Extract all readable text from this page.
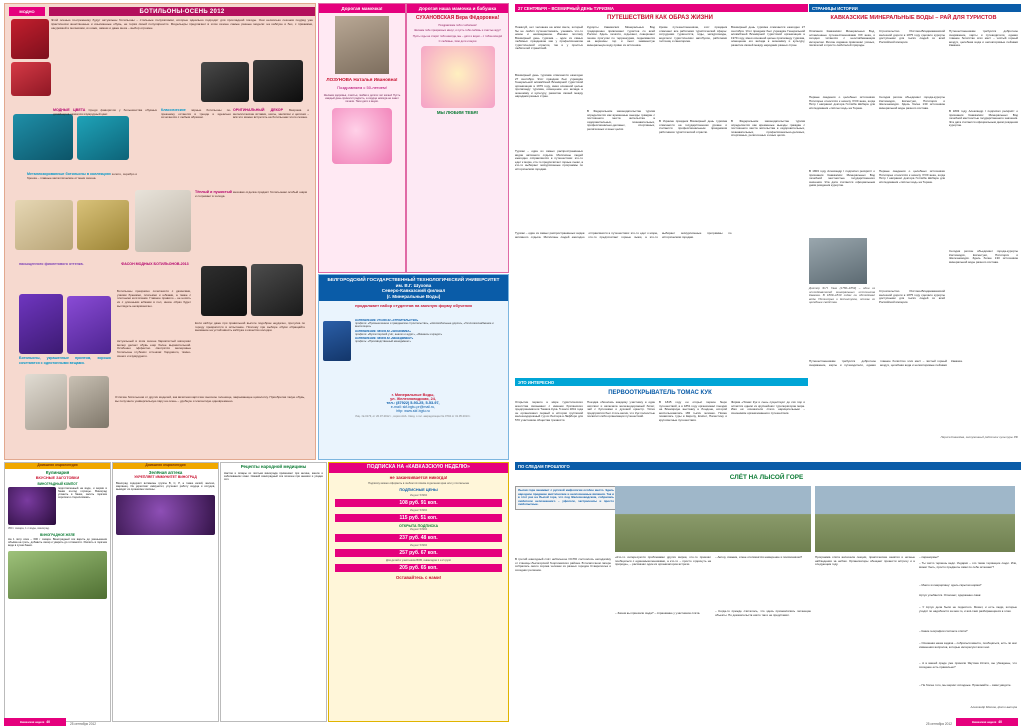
МОДНО	БОТИЛЬОНЫ-ОСЕНЬ 2012
Этой осенью по-прежнему будут актуальны ботильоны – стильные полусапожки, которые идеально подходят для прохладной погоды. Они несколько сезонов подряд уже практически женственные и изысканные обувь, не теряя своей популярности. Модельеры предлагают в этом сезоне самые разные модели: на каблуке и без, с пряжками, шнуровкой и молниями, из кожи, замши и даже меха – выбор огромен.
МОДНЫЕ ЦВЕТА Среди фаворитов у большинства обувных дизайнеров оказался изумрудный цвет.
Классические чёрные ботильоны по-прежнему остаются в тренде и идеально сочетаются с любым образом.
ОРИГИНАЛЬНЫЙ ДЕКОР Бахрома и металлические вставки, шипы, заклёпки и цепочки – всё это можно встретить на ботильонах этого сезона.
Металлизированные ботильоны в коллекциях золото, серебро и бронза – главные металлические оттенки сезона.
Тёплый и пушистый меховая отделка придаёт ботильонам особый шарм и согревает в холода.
ФАСОН МОДНЫХ БОТИЛЬОНОВ-2013
насыщенного фиолетового оттенка.
Ботильоны, украшенные принтом, хорошо сочетаются с однотонными вещами.
Ботильоны прекрасно сочетаются с джинсами, узкими брюками, платьями и юбками, а также с плотными колготками. Главное правило – не носить их с длинными юбками в пол, иначе образ будет выглядеть негармонично.
Актуальный в этом сезоне бархатистый материал велюр делает обувь ещё более выразительной. Особенно эффектно смотрятся велюровые ботильоны глубоких оттенков: бордового, тёмно-синего и изумрудного.
Если каблук даже при правильной высоте подобран неудачно, прогулка по городу превратится в испытание. Поэтому при выборе обуви обращайте внимание на устойчивость каблука и качество колодки.
Отличие ботильонов от других моделей, как визитная карточка: высокое голенище, закрывающее щиколотку. Приобретая такую обувь, вы получаете универсальную пару на осень – удобную и элегантную одновременно.
Дорогая мамочка!
ЛОЗУНОВА Наталья Ивановна!
Поздравляем с 50-летием!
Желаем здоровья, счастья, любви и долгих лет жизни! Пусть каждый день приносит радость, а сердце никогда не знает печали. Твои дети и внуки.
Дорогая наша мамочка и бабушка
СУХАНОВСКАЯ Вера Фёдоровна!
Поздравляем тебя с юбилеем!
Желаем тебе прекрасных минут, и пусть тебя любовь и счастье ждут!
Пусть годы не старят тебя никогда, мы – дети и внуки – с тобою всегда!
С любовью, твои дети и внуки
МЫ ЛЮБИМ ТЕБЯ!
БЕЛГОРОДСКИЙ ГОСУДАРСТВЕННЫЙ ТЕХНОЛОГИЧЕСКИЙ УНИВЕРСИТЕТ
им. В.Г. Шухова
Северо-Кавказский филиал
(г. Минеральные Воды)
продолжает набор студентов на заочную форму обучения
НАПРАВЛЕНИЕ: 270.800.62 «СТРОИТЕЛЬСТВО»
профили: «Промышленное и гражданское строительство», «Автомобильные дороги», «Теплогазоснабжение и вентиляция»
НАПРАВЛЕНИЕ: 080100.62 «ЭКОНОМИКА»
профили: «Бухгалтерский учёт, анализ и аудит», «Финансы и кредит»
НАПРАВЛЕНИЕ: 080200.62 «МЕНЕДЖМЕНТ»
профиль: «Производственный менеджмент»
г. Минеральные Воды,
ул. Железноводская, 24,
тел.: (87922) 5-93-25, 5-53-97,
e-mail: skf-bgtu-pr@mail.ru,
http: www.skf-bgtu.ru
Лиц. № 0173, от 20.07.2012 г., серия ААА. Свид. о гос. аккредитации № 0704 от 31.05.2013 г.
Домашняя энциклопедия
Кулинария
ВКУСНЫЕ ЗАГОТОВКИ
ВИНОГРАДНЫЙ КОМПОТ
подготовленный на воде, и вермя в банки из-под горчицы. Виноград уложить в банки, залить горячим сиропом и стерилизовать.
350 г сахара, 1 л воды, виноград.
ВИНОГРАДНОЕ ЖЕЛЕ
На 1 литр сока – 600 г сахара. Виноградный сок варить до уменьшения объёма на треть, добавить сахар и уварить до готовности. Разлить в горячем виде в сухие банки.
Домашняя энциклопедия
Зелёная аптека
УКРЕПЛЯЕТ ИММУНИТЕТ ВИНОГРАД
Виноград содержит витамины группы B, C, P, а также калий, железо, марганец. Он укрепляет иммунитет, улучшает работу сердца и сосудов, выводит из организма токсины.
Рецепты народной медицины
Настои и отвары из листьев винограда применяют при ангине, кашле и заболеваниях кожи. Свежий виноградный сок полезен при анемии и упадке сил.
ПОДПИСКА НА «КАВКАЗСКУЮ НЕДЕЛЮ»
не заканчивается никогда!
Подписку можно оформить в любом почтовом отделении края или у почтальона
ПОДПИСНЫЕ ЦЕНЫ
Индекс 53984
108 руб. 91 коп.
Индекс 53984
115 руб. 51 коп.
ОТКРЫТА ПОДПИСКА
Индекс 53984
237 руб. 48 коп.
Индекс 53984
257 руб. 67 коп.
Для детей и участников ВОВ, инвалидов 1 и 2 групп
205 руб. 65 коп.
Оставайтесь с нами!
Кавказская неделя 40	25 сентября 2012
27 СЕНТЯБРЯ – ВСЕМИРНЫЙ ДЕНЬ ТУРИЗМА	СТРАНИЦЫ ИСТОРИИ
ПУТЕШЕСТВИЯ КАК ОБРАЗ ЖИЗНИ
Пожалуй, нет человека на всём свете, который бы не любил путешествовать, узнавать что-то новое и неизведанное. Именно поэтому Всемирный день туризма – один из самых любимых праздников как у профессионалов туристической отрасли, так и у простых любителей странствий.
Всемирный день туризма отмечается ежегодно 27 сентября. Этот праздник был учреждён Генеральной ассамблеей Всемирной туристской организации в 1979 году, имея основной целью пропаганду туризма, освещение его вклада в экономику и культуру, развитие связей между народами разных стран.
Туризм – один из самых распространённых видов активного отдыха. Миллионы людей ежегодно отправляются в путешествия: кто-то едет к морю, кто-то предпочитает горные лыжи, а кто-то выбирает экскурсионные программы по историческим городам.
Курорты Кавказских Минеральных Вод традиционно привлекают туристов со всей России. Здесь лечатся, отдыхают, совершают пешие прогулки по терренкурам, поднимаются на вершины гор и пьют знаменитую минеральную воду прямо из источника.
В Федеральном законодательстве туризм определяется как временные выезды граждан с постоянного места жительства в оздоровительных, познавательных, профессионально-деловых, спортивных, религиозных и иных целях.
Кроме путешественников, этот праздник отмечают все работники туристической сферы: сотрудники турагентств, гиды, экскурсоводы, водители туристических автобусов, работники гостиниц и санаториев.
В Украине праздник Всемирный день туризма отмечается на государственном уровне и считается профессиональным праздником работников туристической отрасли.
Всемирный день туризма отмечается ежегодно 27 сентября. Этот праздник был учреждён Генеральной ассамблеей Всемирной туристской организации в 1979 году, имея основной целью пропаганду туризма, освещение его вклада в экономику и культуру, развитие связей между народами разных стран.
В Федеральном законодательстве туризм определяется как временные выезды граждан с постоянного места жительства в оздоровительных, познавательных, профессионально-деловых, спортивных, религиозных и иных целях.
Туризм – один из самых распространённых видов активного отдыха. Миллионы людей ежегодно отправляются в путешествия: кто-то едет к морю, кто-то предпочитает горные лыжи, а кто-то выбирает экскурсионные программы по историческим городам.
ЭТО ИНТЕРЕСНО
ПЕРВООТКРЫВАТЕЛЬ ТОМАС КУК
Открытие первого в мире туристического агентства связывают с именем британского предпринимателя Томаса Кука. 5 июля 1841 года он организовал первый в истории групповой железнодорожный тур из Лестера в Лафборо для 570 участников общества трезвости.
Поездка обошлась каждому участнику в один шиллинг и включала железнодорожный билет, чай с булочками и духовой оркестр. Успех предприятия был столь велик, что Кук полностью посвятил себя организации путешествий.
В 1845 году он открыл первое бюро путешествий, а в 1851 году организовал поездки на Всемирную выставку в Лондоне, которой воспользовались 165 тысяч человек. Позже появились туры в Европу, Египет, Палестину и кругосветные путешествия.
Фирма «Томас Кук и сын» существует до сих пор и остаётся одним из крупнейших туроператоров мира. Имя её основателя стало нарицательным – синонимом организованного путешествия.
КАВКАЗСКИЕ МИНЕРАЛЬНЫЕ ВОДЫ – РАЙ ДЛЯ ТУРИСТОВ
Описания Кавказских Минеральных Вод, оставленные путешественниками XIX века, и сегодня читаются с неослабевающим интересом. Регион издавна привлекал учёных, писателей и просто любителей природы.
Первые сведения о целебных источниках Пятигорья относятся к началу XVIII века, когда Пётр I направил доктора Готлиба Шобера для исследования «тёплых вод» на Тереке.
В 1803 году Александр I подписал рескрипт о признании Кавказских Минеральных Вод лечебной местностью государственного значения. Эта дата считается официальным днём рождения курортов.
Строительство Ростово-Владикавказской железной дороги в 1875 году сделало курорты доступными для тысяч людей со всей Российской империи.
Сегодня регион объединяет города-курорты Кисловодск, Ессентуки, Пятигорск и Железноводск. Здесь более 130 источников минеральной воды разного состава.
Путешественникам требуется добротное снаряжение, карты и путеводители, однако главное богатство этих мест – чистый горный воздух, целебная вода и неповторимые пейзажи Кавказа.
Доктор Ф.П. Гааз (1780–1853) – один из исследователей минеральных источников Кавказа. В 1809–1810 годах он обследовал воды Пятигорья и Ессентуков, описав их целебные свойства.
Первые сведения о целебных источниках Пятигорья относятся к началу XVIII века, когда Пётр I направил доктора Готлиба Шобера для исследования «тёплых вод» на Тереке.
В 1803 году Александр I подписал рескрипт о признании Кавказских Минеральных Вод лечебной местностью государственного значения. Эта дата считается официальным днём рождения курортов.
Строительство Ростово-Владикавказской железной дороги в 1875 году сделало курорты доступными для тысяч людей со всей Российской империи.
Сегодня регион объединяет города-курорты Кисловодск, Ессентуки, Пятигорск и Железноводск. Здесь более 130 источников минеральной воды разного состава.
Путешественникам требуется добротное снаряжение, карты и путеводители, однако главное богатство этих мест – чистый горный воздух, целебная вода и неповторимые пейзажи Кавказа.
Лариса Ковалёва, заслуженный работник культуры РФ
ПО СЛЕДАМ ПРОШЛОГО
СЛЁТ НА ЛЫСОЙ ГОРЕ
Лысая гора занимает с русской мифологии особое место. Здесь народное предание мистические и неопознанные явления. Так и в этот раз на Лысой горе, что под Железноводском, собрались любители непознанного – уфологи, экстрасенсы и просто любопытные.
В третий ежегодный слёт небольшое ОСНО состоялось неподалёку от станицы Лысогорской Георгиевского района. В палаточном лагере собрались около сорока человек из разных городов Ставрополья и соседних регионов.
«Кто-то интересуется проблемами других миров, кто-то приехал пообщаться с единомышленниками, а кто-то – просто отдохнуть на природе», – рассказал один из организаторов встречи.
– Зачем вы приехали сюда? – спрашиваю у участников слёта.
– Автор, скажем, и мне откликнётся намерение и поисковиком?
– Когда-то прежде считалось, что здесь приземлялись летающие объекты. Но доказательств никто так и не представил.
Программа слёта включала лекции, практические занятия и ночные наблюдения за небом. Организаторы обещают провести встречу и в следующем году.
– паранормы?
– Ты часто теряешь веди. Ундарки – это такие теряющие люди. Или, может быть, просто предметы сами по себе исчезают?
– Много из марципану: здесь скрытая норма?
Артуо улыбается. Отвечает, сдержанно сжав:
– У Артуо дела были не поднятого. Может, и есть люди, которые уходят по надобности за кем-то, и всё-таки разбирающиеся в этом.
– Какие географии считаете слёта?
– Основная наша задача – собраться вместе, пообщаться, есть ли шаг изменения вопросов, которые интересуют всех нас.
– А в вашей среде уже приняли Якутова Кстати, вы убеждены, что соседнее есть правильно?
– Не более того, мы верим: исходные. Приезжайте – сами увидите.
Александр Мягков, фото автора
Кавказская неделя 40
25 сентября 2012
